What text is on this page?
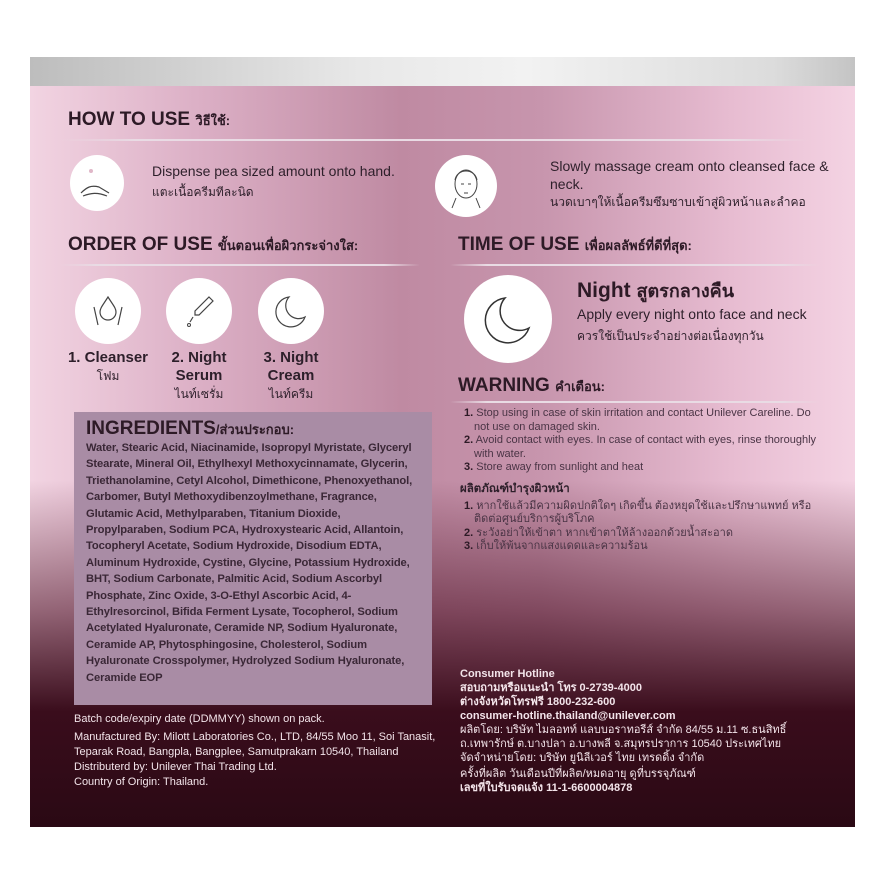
HOW TO USE วิธีใช้:
Dispense pea sized amount onto hand.
แตะเนื้อครีมทีละนิด
Slowly massage cream onto cleansed face & neck.
นวดเบาๆให้เนื้อครีมซึมซาบเข้าสู่ผิวหน้าและลำคอ
ORDER OF USE ขั้นตอนเพื่อผิวกระจ่างใส:	TIME OF USE เพื่อผลลัพธ์ที่ดีที่สุด:
1. Cleanser
โฟม
2. Night Serum
ไนท์เซรั่ม
3. Night Cream
ไนท์ครีม
Night สูตรกลางคืน
Apply every night onto face and neck
ควรใช้เป็นประจำอย่างต่อเนื่องทุกวัน
WARNING คำเตือน:
1. Stop using in case of skin irritation and contact Unilever Careline. Do not use on damaged skin.
2. Avoid contact with eyes. In case of contact with eyes, rinse thoroughly with water.
3. Store away from sunlight and heat
ผลิตภัณฑ์บำรุงผิวหน้า
1. หากใช้แล้วมีความผิดปกติใดๆ เกิดขึ้น ต้องหยุดใช้และปรึกษาแพทย์ หรือติดต่อศูนย์บริการผู้บริโภค
2. ระวังอย่าให้เข้าตา หากเข้าตาให้ล้างออกด้วยน้ำสะอาด
3. เก็บให้พ้นจากแสงแดดและความร้อน
INGREDIENTS/ส่วนประกอบ:

Water, Stearic Acid, Niacinamide, Isopropyl Myristate, Glyceryl Stearate, Mineral Oil, Ethylhexyl Methoxycinnamate, Glycerin, Triethanolamine, Cetyl Alcohol, Dimethicone, Phenoxyethanol, Carbomer, Butyl Methoxydibenzoylmethane, Fragrance, Glutamic Acid, Methylparaben, Titanium Dioxide, Propylparaben, Sodium PCA, Hydroxystearic Acid, Allantoin, Tocopheryl Acetate, Sodium Hydroxide, Disodium EDTA, Aluminum Hydroxide, Cystine, Glycine, Potassium Hydroxide, BHT, Sodium Carbonate, Palmitic Acid, Sodium Ascorbyl Phosphate, Zinc Oxide, 3-O-Ethyl Ascorbic Acid, 4-Ethylresorcinol, Bifida Ferment Lysate, Tocopherol, Sodium Acetylated Hyaluronate, Ceramide NP, Sodium Hyaluronate, Ceramide AP, Phytosphingosine, Cholesterol, Sodium Hyaluronate Crosspolymer, Hydrolyzed Sodium Hyaluronate, Ceramide EOP

Batch code/expiry date (DDMMYY) shown on pack.
Manufactured By: Milott Laboratories Co., LTD, 84/55 Moo 11, Soi Tanasit, Teparak Road, Bangpla, Bangplee, Samutprakarn 10540, Thailand
Distributerd by: Unilever Thai Trading Ltd.
Country of Origin: Thailand.
Consumer Hotline
สอบถามหรือแนะนำ โทร 0-2739-4000
ต่างจังหวัดโทรฟรี 1800-232-600
consumer-hotline.thailand@unilever.com
ผลิตโดย: บริษัท ไมลอทท์ แลบบอราทอรีส์ จำกัด 84/55 ม.11 ซ.ธนสิทธิ์ ถ.เทพารักษ์ ต.บางปลา อ.บางพลี จ.สมุทรปราการ 10540 ประเทศไทย
จัดจำหน่ายโดย: บริษัท ยูนิลีเวอร์ ไทย เทรดดิ้ง จำกัด
ครั้งที่ผลิต วันเดือนปีที่ผลิต/หมดอายุ ดูที่บรรจุภัณฑ์
เลขที่ใบรับจดแจ้ง 11-1-6600004878
